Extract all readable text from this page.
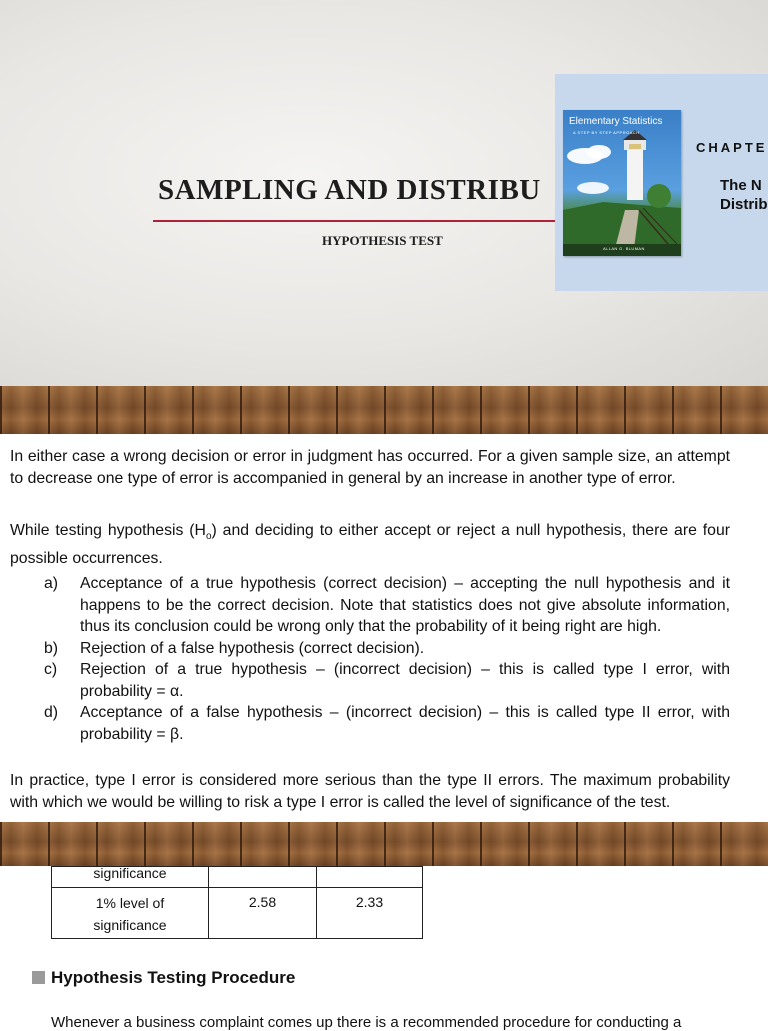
SAMPLING AND DISTRIBU
HYPOTHESIS TEST
Elementary Statistics
A STEP BY STEP APPROACH
ALLAN G. BLUMAN
CHAPTE
The N
Distrib

In either case a wrong decision or error in judgment has occurred. For a given sample size, an attempt to decrease one type of error is accompanied in general by an increase in another type of error.
While testing hypothesis $(H_o)$ and deciding to either accept or reject a null hypothesis, there are four possible occurrences.
a) Acceptance of a true hypothesis (correct decision) – accepting the null hypothesis and it happens to be the correct decision. Note that statistics does not give absolute information, thus its conclusion could be wrong only that the probability of it being right are high.
b) Rejection of a false hypothesis (correct decision).
c) Rejection of a true hypothesis – (incorrect decision) – this is called type I error, with probability = α.
d) Acceptance of a false hypothesis – (incorrect decision) – this is called type II error, with probability = β.
In practice, type I error is considered more serious than the type II errors. The maximum probability with which we would be willing to risk a type I error is called the level of significance of the test.
significance		

1% level of
significance	2.58	2.33
Hypothesis Testing Procedure
Whenever a business complaint comes up there is a recommended procedure for conducting a
